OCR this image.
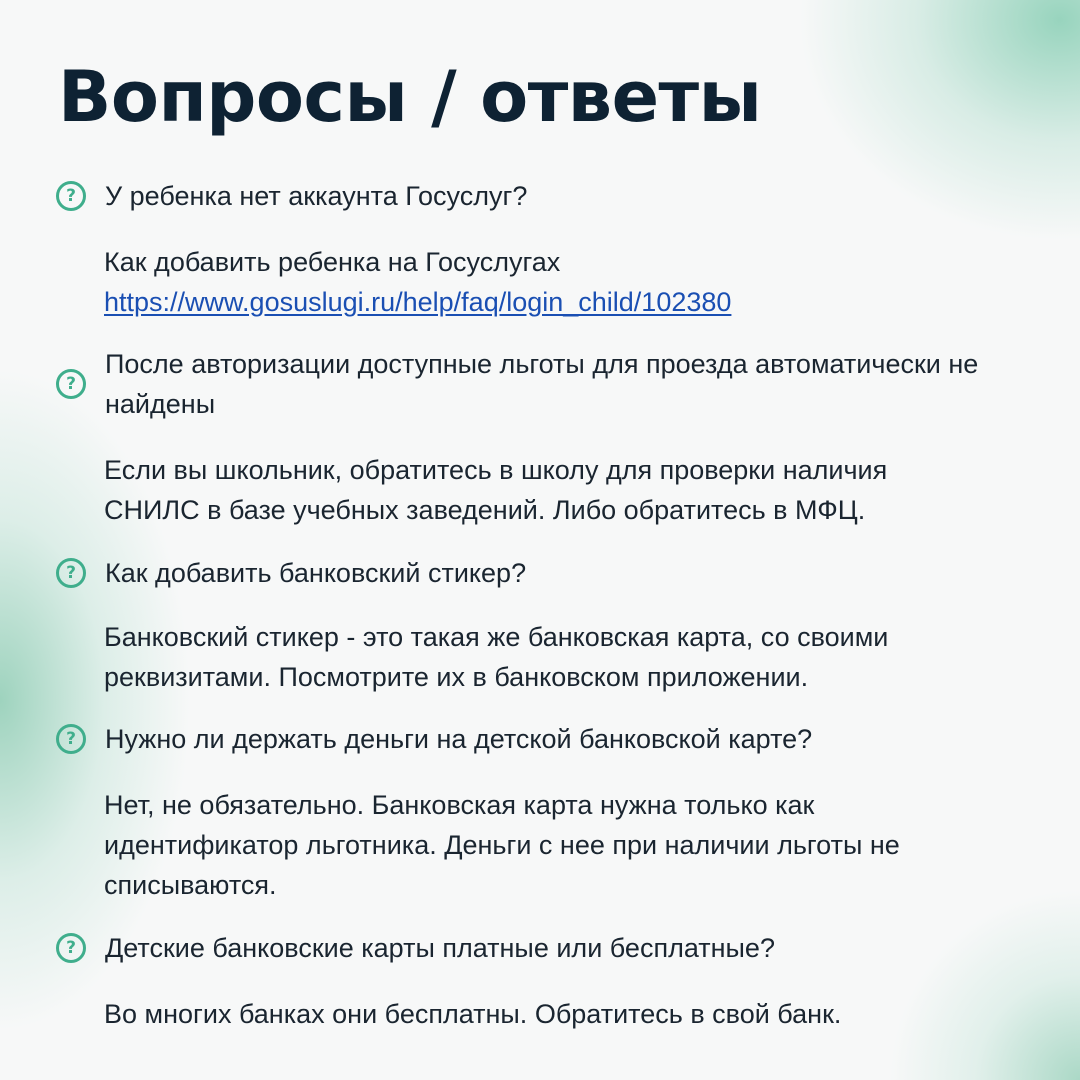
Вопросы / ответы
?	У ребенка нет аккаунта Госуслуг?

Как добавить ребенка на Госуслугах
https://www.gosuslugi.ru/help/faq/login_child/102380
?

После авторизации доступные льготы для проезда автоматически не найдены

Если вы школьник, обратитесь в школу для проверки наличия СНИЛС в базе учебных заведений. Либо обратитесь в МФЦ.

?	Как добавить банковский стикер?

Банковский стикер - это такая же банковская карта, со своими реквизитами. Посмотрите их в банковском приложении.

?	Нужно ли держать деньги на детской банковской карте?

Нет, не обязательно. Банковская карта нужна только как идентификатор льготника. Деньги с нее при наличии льготы не списываются.

?	Детские банковские карты платные или бесплатные?

Во многих банках они бесплатны. Обратитесь в свой банк.
